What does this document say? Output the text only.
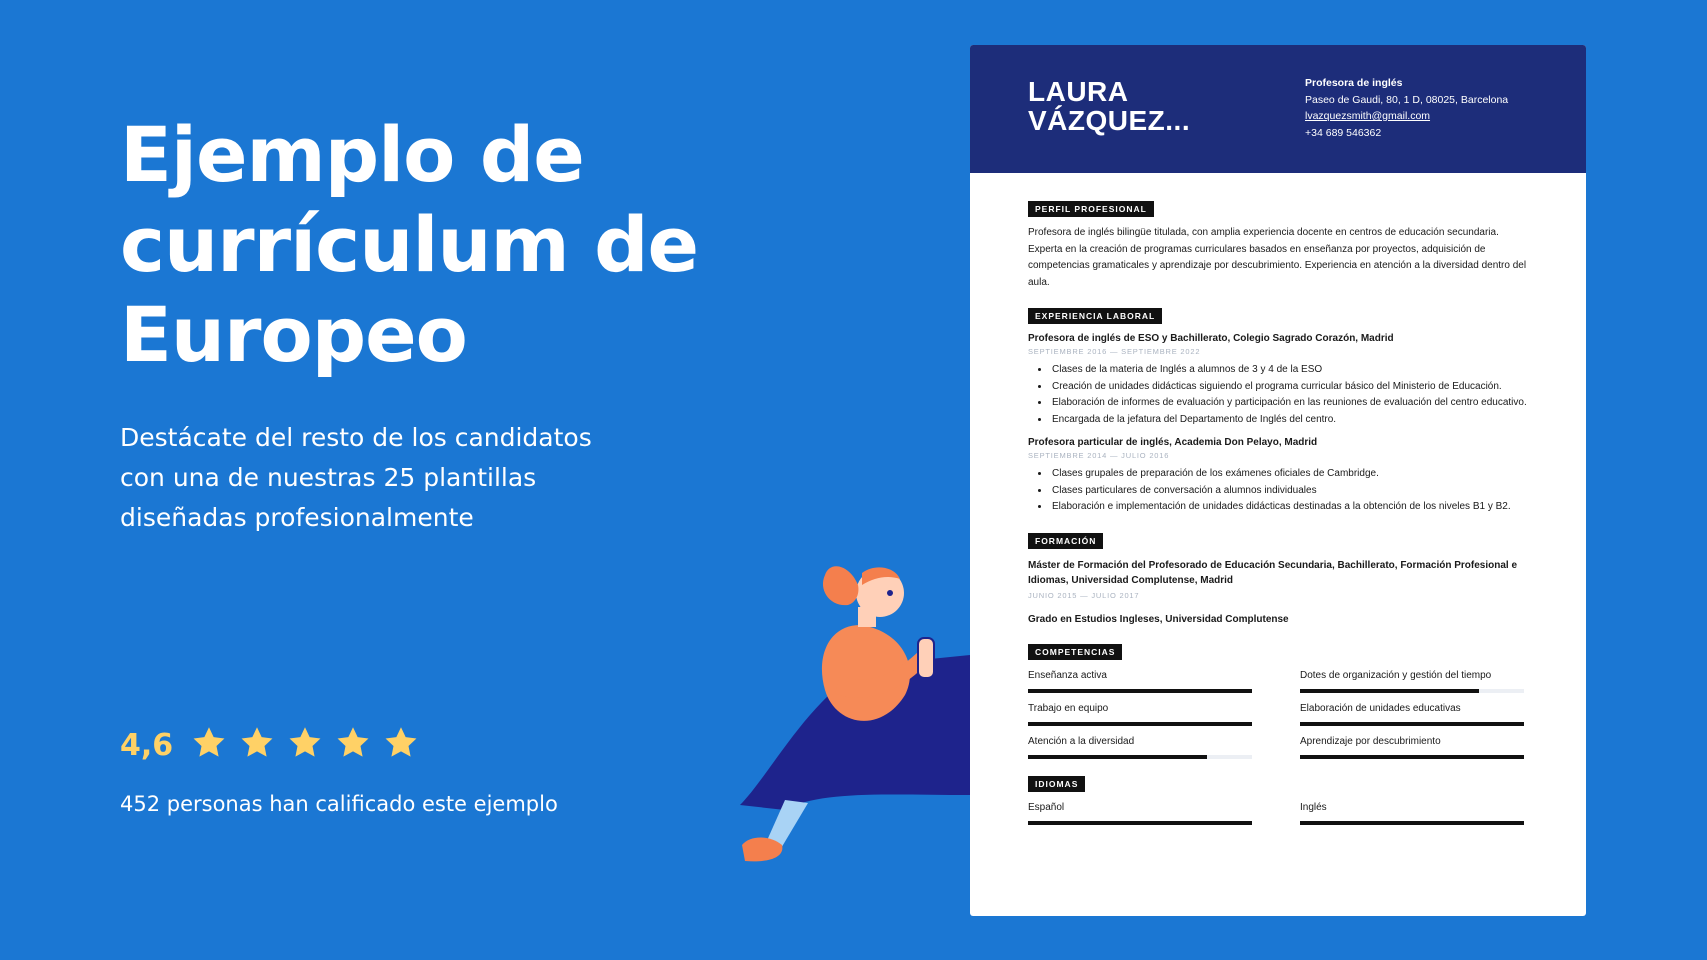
Ejemplo de
currículum de
Europeo
Destácate del resto de los candidatos con una de nuestras 25 plantillas diseñadas profesionalmente
4,6
452 personas han calificado este ejemplo
LAURA
VÁZQUEZ...
Profesora de inglés
Paseo de Gaudi, 80, 1 D, 08025, Barcelona
lvazquezsmith@gmail.com
+34 689 546362
PERFIL PROFESIONAL
Profesora de inglés bilingüe titulada, con amplia experiencia docente en centros de educación secundaria. Experta en la creación de programas curriculares basados en enseñanza por proyectos, adquisición de competencias gramaticales y aprendizaje por descubrimiento. Experiencia en atención a la diversidad dentro del aula.
EXPERIENCIA LABORAL
Profesora de inglés de ESO y Bachillerato, Colegio Sagrado Corazón, Madrid
SEPTIEMBRE 2016 — SEPTIEMBRE 2022
• Clases de la materia de Inglés a alumnos de 3 y 4 de la ESO
• Creación de unidades didácticas siguiendo el programa curricular básico del Ministerio de Educación.
• Elaboración de informes de evaluación y participación en las reuniones de evaluación del centro educativo.
• Encargada de la jefatura del Departamento de Inglés del centro.
Profesora particular de inglés, Academia Don Pelayo, Madrid
SEPTIEMBRE 2014 — JULIO 2016
• Clases grupales de preparación de los exámenes oficiales de Cambridge.
• Clases particulares de conversación a alumnos individuales
• Elaboración e implementación de unidades didácticas destinadas a la obtención de los niveles B1 y B2.
FORMACIÓN
Máster de Formación del Profesorado de Educación Secundaria, Bachillerato, Formación Profesional e Idiomas, Universidad Complutense, Madrid
JUNIO 2015 — JULIO 2017
Grado en Estudios Ingleses, Universidad Complutense
COMPETENCIAS
Enseñanza activa	Dotes de organización y gestión del tiempo
Trabajo en equipo	Elaboración de unidades educativas
Atención a la diversidad	Aprendizaje por descubrimiento
IDIOMAS
Español	Inglés
